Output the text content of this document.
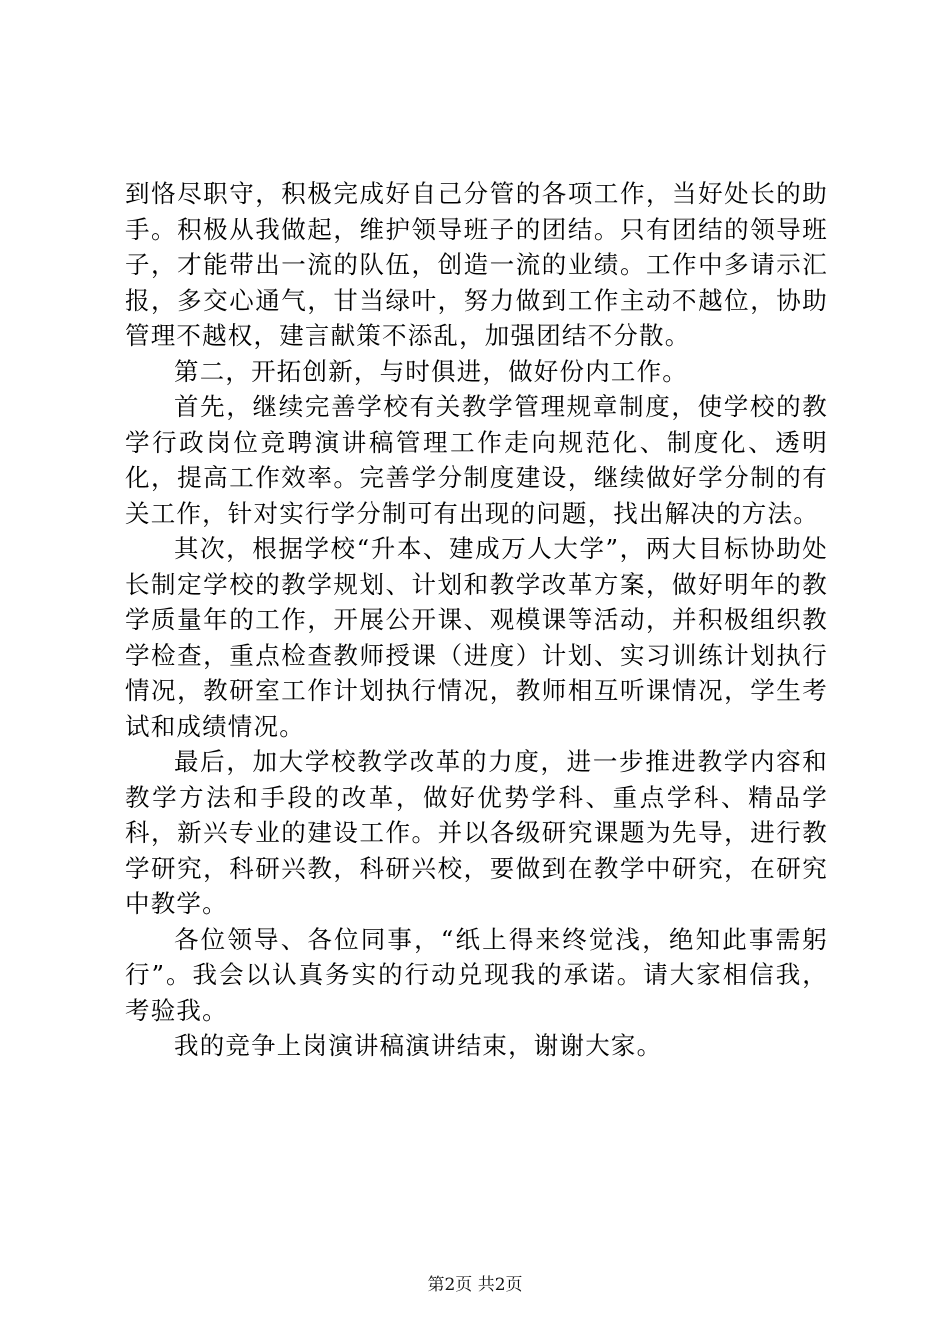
到恪尽职守，积极完成好自己分管的各项工作，当好处长的助手。积极从我做起，维护领导班子的团结。只有团结的领导班子，才能带出一流的队伍，创造一流的业绩。工作中多请示汇报，多交心通气，甘当绿叶，努力做到工作主动不越位，协助管理不越权，建言献策不添乱，加强团结不分散。

第二，开拓创新，与时俱进，做好份内工作。

首先，继续完善学校有关教学管理规章制度，使学校的教学行政岗位竞聘演讲稿管理工作走向规范化、制度化、透明化，提高工作效率。完善学分制度建设，继续做好学分制的有关工作，针对实行学分制可有出现的问题，找出解决的方法。

其次，根据学校“升本、建成万人大学”，两大目标协助处长制定学校的教学规划、计划和教学改革方案，做好明年的教学质量年的工作，开展公开课、观模课等活动，并积极组织教学检查，重点检查教师授课（进度）计划、实习训练计划执行情况，教研室工作计划执行情况，教师相互听课情况，学生考试和成绩情况。

最后，加大学校教学改革的力度，进一步推进教学内容和教学方法和手段的改革，做好优势学科、重点学科、精品学科，新兴专业的建设工作。并以各级研究课题为先导，进行教学研究，科研兴教，科研兴校，要做到在教学中研究，在研究中教学。

各位领导、各位同事，“纸上得来终觉浅，绝知此事需躬行”。我会以认真务实的行动兑现我的承诺。请大家相信我，考验我。

我的竞争上岗演讲稿演讲结束，谢谢大家。

第2页 共2页
